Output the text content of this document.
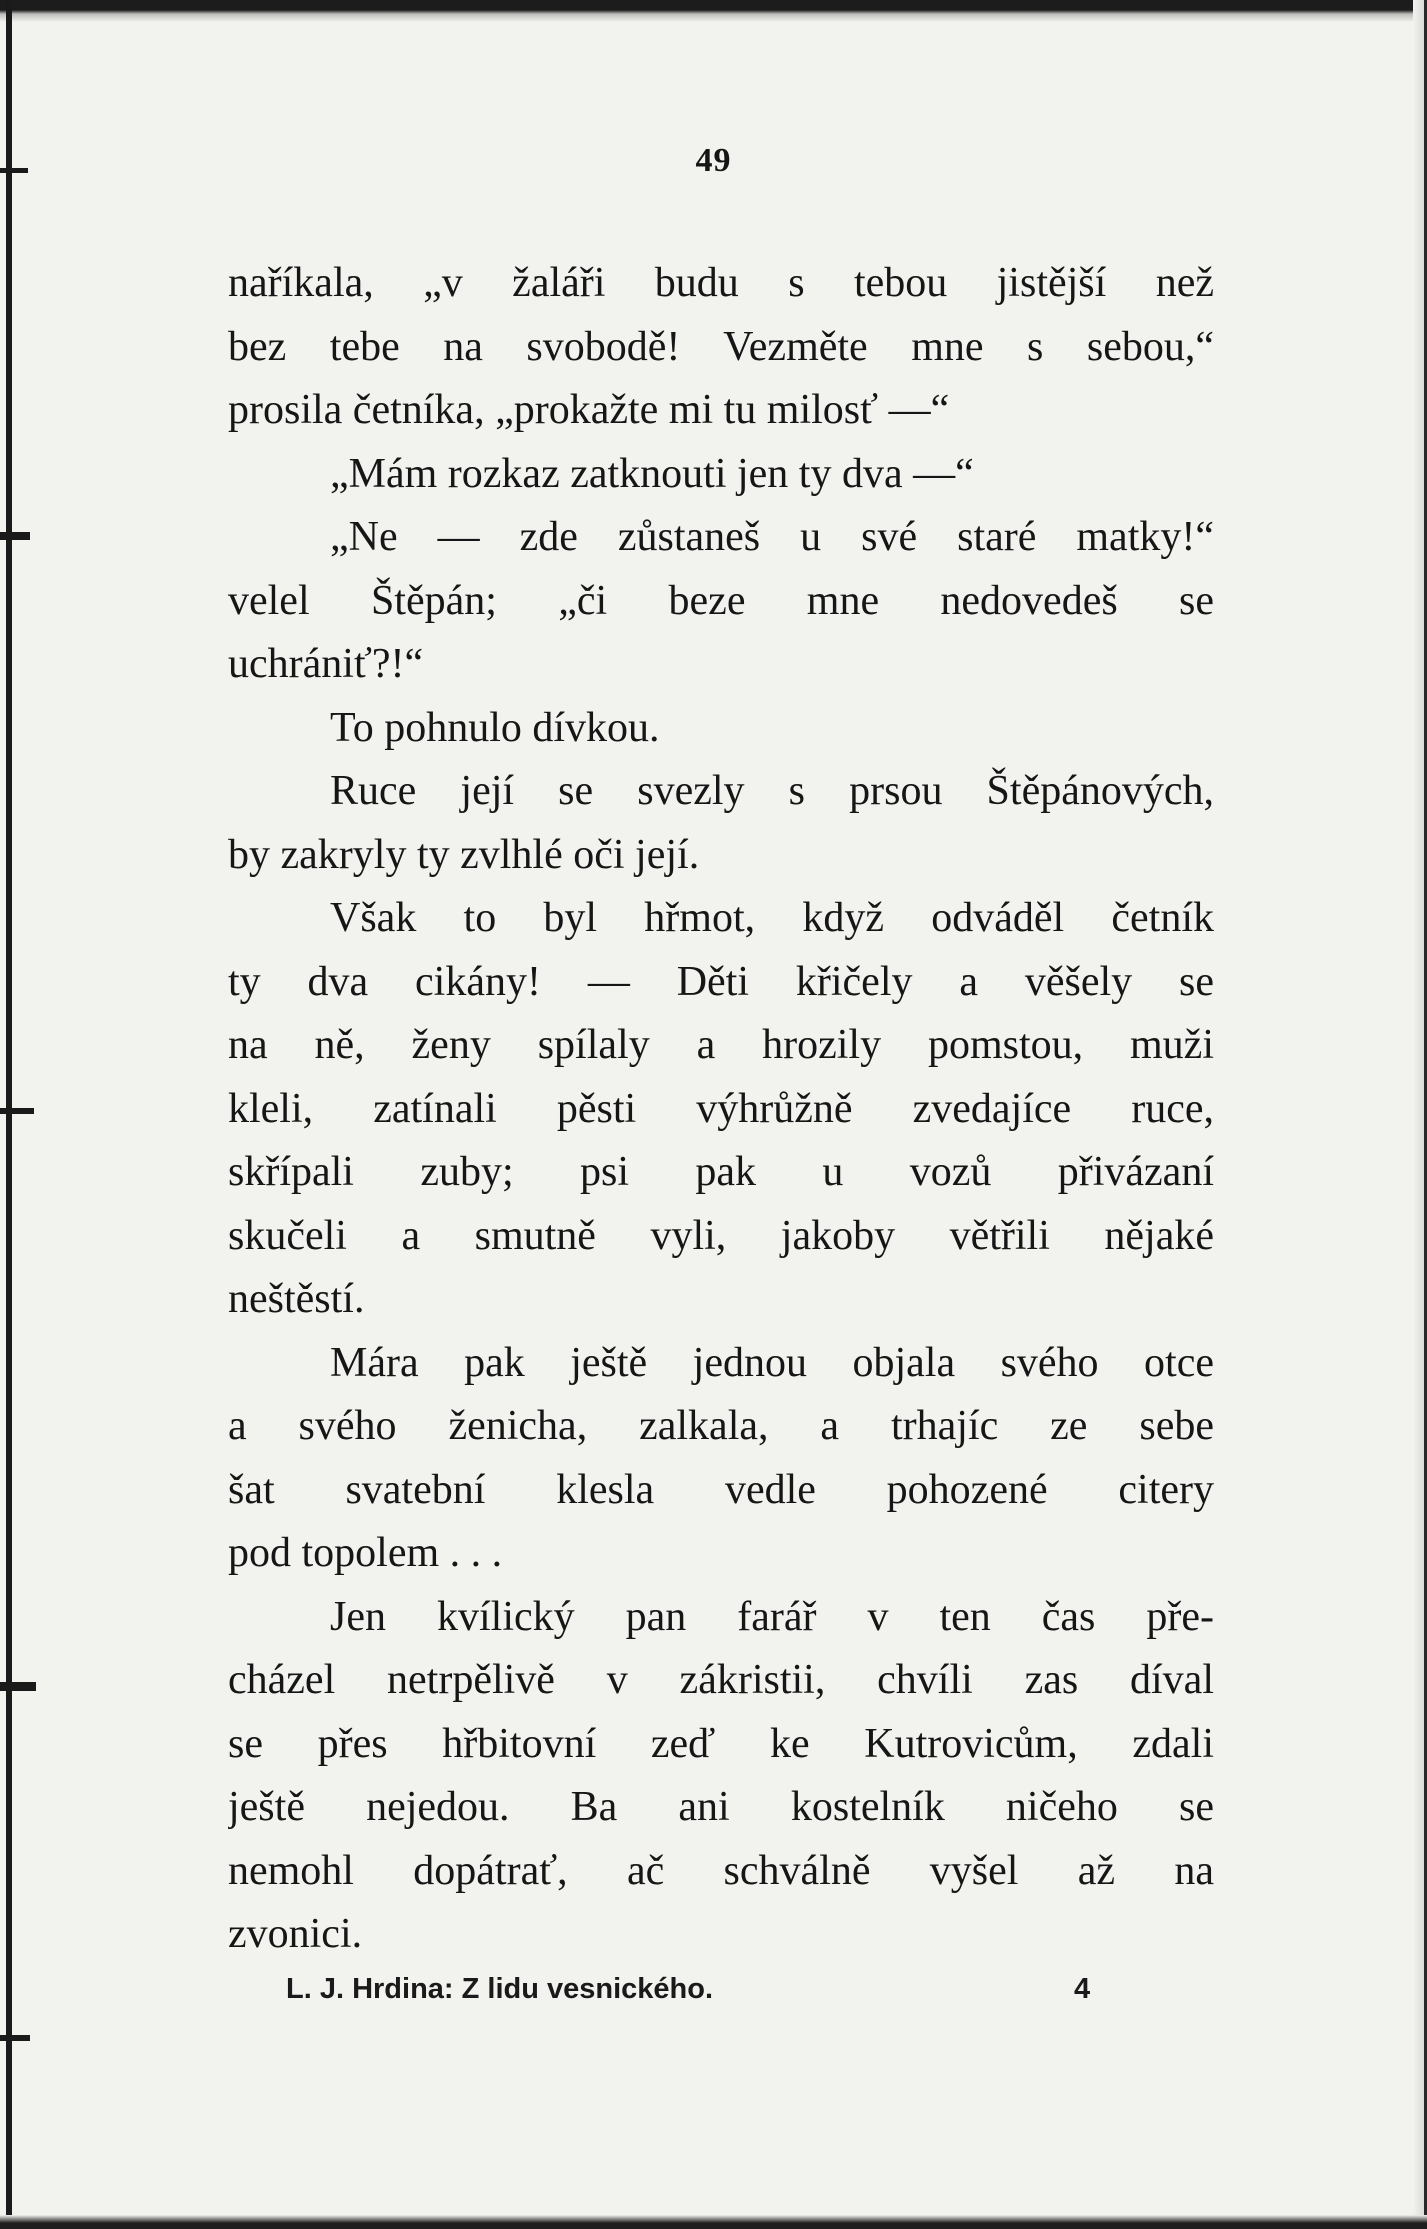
49
naříkala, „v žaláři budu s tebou jistější než
bez tebe na svobodě! Vezměte mne s sebou,“
prosila četníka, „prokažte mi tu milosť —“
„Mám rozkaz zatknouti jen ty dva —“
„Ne — zde zůstaneš u své staré matky!“
velel Štěpán; „či beze mne nedovedeš se
uchrániť?!“
To pohnulo dívkou.
Ruce její se svezly s prsou Štěpánových,
by zakryly ty zvlhlé oči její.
Však to byl hřmot, když odváděl četník
ty dva cikány! — Děti křičely a věšely se
na ně, ženy spílaly a hrozily pomstou, muži
kleli, zatínali pěsti výhrůžně zvedajíce ruce,
skřípali zuby; psi pak u vozů přivázaní
skučeli a smutně vyli, jakoby větřili nějaké
neštěstí.
Mára pak ještě jednou objala svého otce
a svého ženicha, zalkala, a trhajíc ze sebe
šat svatební klesla vedle pohozené citery
pod topolem . . .
Jen kvílický pan farář v ten čas pře-
cházel netrpělivě v zákristii, chvíli zas díval
se přes hřbitovní zeď ke Kutrovicům, zdali
ještě nejedou. Ba ani kostelník ničeho se
nemohl dopátrať, ač schválně vyšel až na
zvonici.
L. J. Hrdina: Z lidu vesnického.	4
